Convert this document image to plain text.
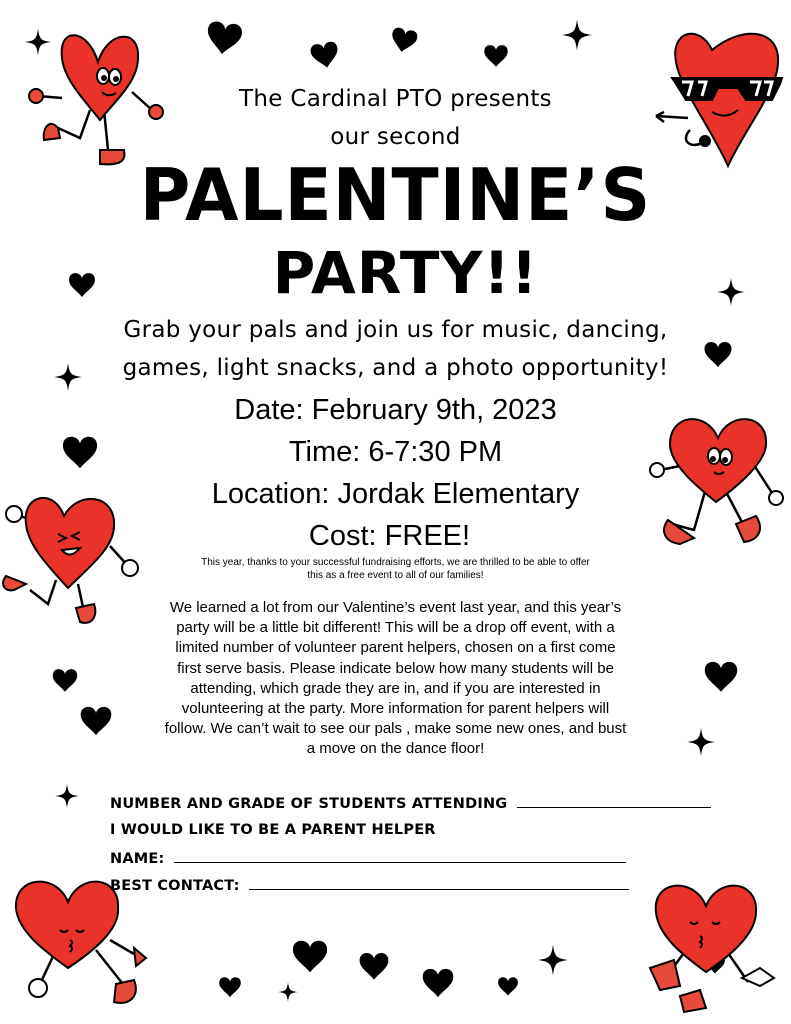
The Cardinal PTO presents
our second
PALENTINE’S
PARTY!!
Grab your pals and join us for music, dancing,
games, light snacks, and a photo opportunity!
Date: February 9th, 2023
Time: 6-7:30 PM
Location: Jordak Elementary
Cost: FREE!
This year, thanks to your successful fundraising efforts, we are thrilled to be able to offer
this as a free event to all of our families!
We learned a lot from our Valentine’s event last year, and this year’s
party will be a little bit different! This will be a drop off event, with a
limited number of volunteer parent helpers, chosen on a first come
first serve basis. Please indicate below how many students will be
attending, which grade they are in, and if you are interested in
volunteering at the party. More information for parent helpers will
follow. We can’t wait to see our pals , make some new ones, and bust
a move on the dance floor!
NUMBER AND GRADE OF STUDENTS ATTENDING
I WOULD LIKE TO BE A PARENT HELPER
NAME:
BEST CONTACT:
